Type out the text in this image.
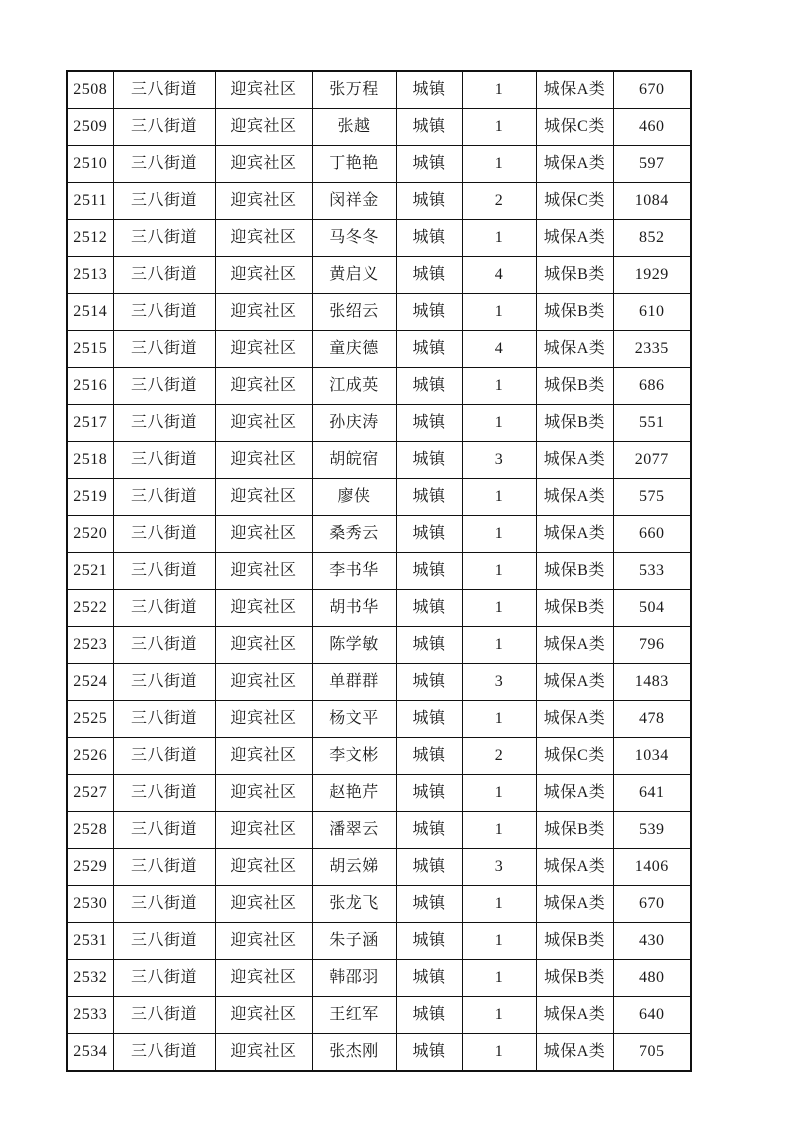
2508	三八街道	迎宾社区	张万程	城镇	1	城保A类	670
2509	三八街道	迎宾社区	张越	城镇	1	城保C类	460
2510	三八街道	迎宾社区	丁艳艳	城镇	1	城保A类	597
2511	三八街道	迎宾社区	闵祥金	城镇	2	城保C类	1084
2512	三八街道	迎宾社区	马冬冬	城镇	1	城保A类	852
2513	三八街道	迎宾社区	黄启义	城镇	4	城保B类	1929
2514	三八街道	迎宾社区	张绍云	城镇	1	城保B类	610
2515	三八街道	迎宾社区	童庆德	城镇	4	城保A类	2335
2516	三八街道	迎宾社区	江成英	城镇	1	城保B类	686
2517	三八街道	迎宾社区	孙庆涛	城镇	1	城保B类	551
2518	三八街道	迎宾社区	胡皖宿	城镇	3	城保A类	2077
2519	三八街道	迎宾社区	廖侠	城镇	1	城保A类	575
2520	三八街道	迎宾社区	桑秀云	城镇	1	城保A类	660
2521	三八街道	迎宾社区	李书华	城镇	1	城保B类	533
2522	三八街道	迎宾社区	胡书华	城镇	1	城保B类	504
2523	三八街道	迎宾社区	陈学敏	城镇	1	城保A类	796
2524	三八街道	迎宾社区	单群群	城镇	3	城保A类	1483
2525	三八街道	迎宾社区	杨文平	城镇	1	城保A类	478
2526	三八街道	迎宾社区	李文彬	城镇	2	城保C类	1034
2527	三八街道	迎宾社区	赵艳芹	城镇	1	城保A类	641
2528	三八街道	迎宾社区	潘翠云	城镇	1	城保B类	539
2529	三八街道	迎宾社区	胡云娣	城镇	3	城保A类	1406
2530	三八街道	迎宾社区	张龙飞	城镇	1	城保A类	670
2531	三八街道	迎宾社区	朱子涵	城镇	1	城保B类	430
2532	三八街道	迎宾社区	韩邵羽	城镇	1	城保B类	480
2533	三八街道	迎宾社区	王红军	城镇	1	城保A类	640
2534	三八街道	迎宾社区	张杰刚	城镇	1	城保A类	705
